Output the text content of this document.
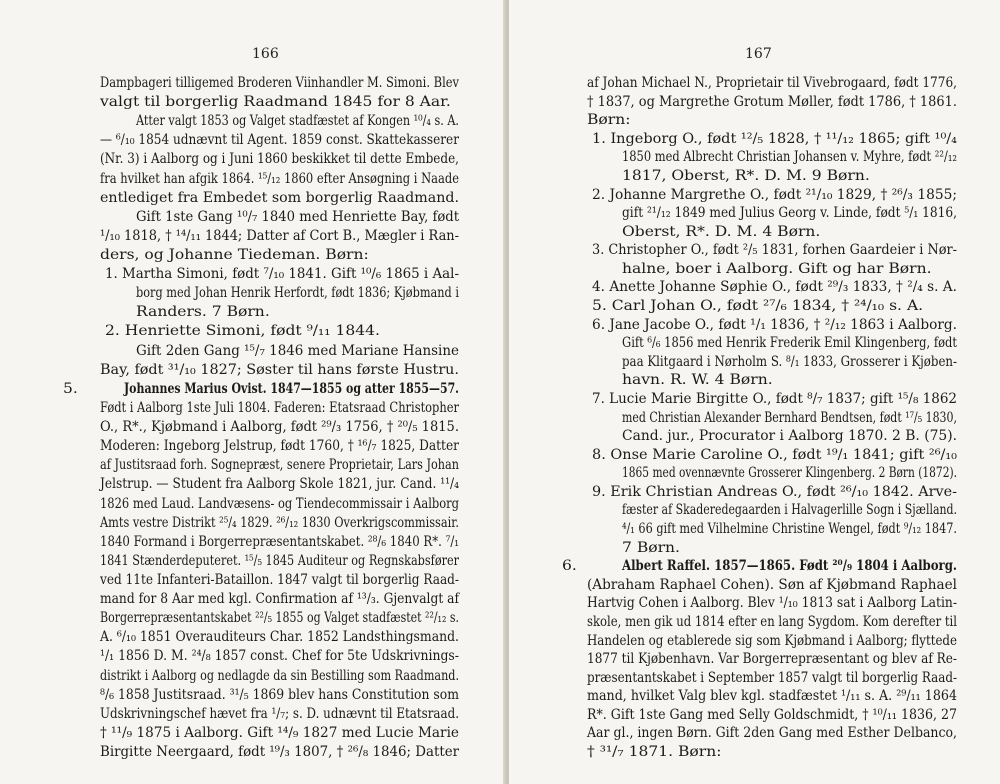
166
Dampbageri tilligemed Broderen Viinhandler M. Simoni. Blev
valgt til borgerlig Raadmand 1845 for 8 Aar.
Atter valgt 1853 og Valget stadfæstet af Kongen ¹⁰/₄ s. A.
— ⁶/₁₀ 1854 udnævnt til Agent. 1859 const. Skattekasserer
(Nr. 3) i Aalborg og i Juni 1860 beskikket til dette Embede,
fra hvilket han afgik 1864. ¹⁵/₁₂ 1860 efter Ansøgning i Naade
entlediget fra Embedet som borgerlig Raadmand.
Gift 1ste Gang ¹⁰/₇ 1840 med Henriette Bay, født
¹/₁₀ 1818, † ¹⁴/₁₁ 1844; Datter af Cort B., Mægler i Ran-
ders, og Johanne Tiedeman. Børn:
1. Martha Simoni, født ⁷/₁₀ 1841. Gift ¹⁰/₆ 1865 i Aal-
borg med Johan Henrik Herfordt, født 1836; Kjøbmand i
Randers. 7 Børn.
2. Henriette Simoni, født ⁹/₁₁ 1844.
Gift 2den Gang ¹⁵/₇ 1846 med Mariane Hansine
Bay, født ³¹/₁₀ 1827; Søster til hans første Hustru.
5.	Johannes Marius Ovist. 1847—1855 og atter 1855—57.
Født i Aalborg 1ste Juli 1804. Faderen: Etatsraad Christopher
O., R*., Kjøbmand i Aalborg, født ²⁹/₃ 1756, † ²⁰/₅ 1815.
Moderen: Ingeborg Jelstrup, født 1760, † ¹⁶/₇ 1825, Datter
af Justitsraad forh. Sognepræst, senere Proprietair, Lars Johan
Jelstrup. — Student fra Aalborg Skole 1821, jur. Cand. ¹¹/₄
1826 med Laud. Landvæsens- og Tiendecommissair i Aalborg
Amts vestre Distrikt ²⁵/₄ 1829. ²⁶/₁₂ 1830 Overkrigscommissair.
1840 Formand i Borgerrepræsentantskabet. ²⁸/₆ 1840 R*. ⁷/₁
1841 Stænderdeputeret. ¹⁵/₅ 1845 Auditeur og Regnskabsfører
ved 11te Infanteri-Bataillon. 1847 valgt til borgerlig Raad-
mand for 8 Aar med kgl. Confirmation af ¹³/₃. Gjenvalgt af
Borgerrepræsentantskabet ²²/₅ 1855 og Valget stadfæstet ²²/₁₂ s.
A. ⁶/₁₀ 1851 Overauditeurs Char. 1852 Landsthingsmand.
¹/₁ 1856 D. M. ²⁴/₈ 1857 const. Chef for 5te Udskrivnings-
distrikt i Aalborg og nedlagde da sin Bestilling som Raadmand.
⁸/₆ 1858 Justitsraad. ³¹/₅ 1869 blev hans Constitution som
Udskrivningschef hævet fra ¹/₇; s. D. udnævnt til Etatsraad.
† ¹¹/₉ 1875 i Aalborg. Gift ¹⁴/₉ 1827 med Lucie Marie
Birgitte Neergaard, født ¹⁹/₃ 1807, † ²⁶/₈ 1846; Datter
167
af Johan Michael N., Proprietair til Vivebrogaard, født 1776,
† 1837, og Margrethe Grotum Møller, født 1786, † 1861.
Børn:
1. Ingeborg O., født ¹²/₅ 1828, † ¹¹/₁₂ 1865; gift ¹⁰/₄
1850 med Albrecht Christian Johansen v. Myhre, født ²²/₁₂
1817, Oberst, R*. D. M. 9 Børn.
2. Johanne Margrethe O., født ²¹/₁₀ 1829, † ²⁶/₃ 1855;
gift ²¹/₁₂ 1849 med Julius Georg v. Linde, født ⁵/₁ 1816,
Oberst, R*. D. M. 4 Børn.
3. Christopher O., født ²/₅ 1831, forhen Gaardeier i Nør-
halne, boer i Aalborg. Gift og har Børn.
4. Anette Johanne Søphie O., født ²⁹/₃ 1833, † ²/₄ s. A.
5. Carl Johan O., født ²⁷/₆ 1834, † ²⁴/₁₀ s. A.
6. Jane Jacobe O., født ¹/₁ 1836, † ²/₁₂ 1863 i Aalborg.
Gift ⁶/₆ 1856 med Henrik Frederik Emil Klingenberg, født
paa Klitgaard i Nørholm S. ⁸/₁ 1833, Grosserer i Kjøben-
havn. R. W. 4 Børn.
7. Lucie Marie Birgitte O., født ⁸/₇ 1837; gift ¹⁵/₈ 1862
med Christian Alexander Bernhard Bendtsen, født ¹⁷/₅ 1830,
Cand. jur., Procurator i Aalborg 1870. 2 B. (75).
8. Onse Marie Caroline O., født ¹⁹/₁ 1841; gift ²⁶/₁₀
1865 med ovennævnte Grosserer Klingenberg. 2 Børn (1872).
9. Erik Christian Andreas O., født ²⁶/₁₀ 1842. Arve-
fæster af Skaderedegaarden i Halvagerlille Sogn i Sjælland.
⁴/₁ 66 gift med Vilhelmine Christine Wengel, født ⁹/₁₂ 1847.
7 Børn.
6.	Albert Raffel. 1857—1865. Født ²⁰/₉ 1804 i Aalborg.
(Abraham Raphael Cohen). Søn af Kjøbmand Raphael
Hartvig Cohen i Aalborg. Blev ¹/₁₀ 1813 sat i Aalborg Latin-
skole, men gik ud 1814 efter en lang Sygdom. Kom derefter til
Handelen og etablerede sig som Kjøbmand i Aalborg; flyttede
1877 til Kjøbenhavn. Var Borgerrepræsentant og blev af Re-
præsentantskabet i September 1857 valgt til borgerlig Raad-
mand, hvilket Valg blev kgl. stadfæstet ¹/₁₁ s. A. ²⁹/₁₁ 1864
R*. Gift 1ste Gang med Selly Goldschmidt, † ¹⁰/₁₁ 1836, 27
Aar gl., ingen Børn. Gift 2den Gang med Esther Delbanco,
† ³¹/₇ 1871. Børn:
